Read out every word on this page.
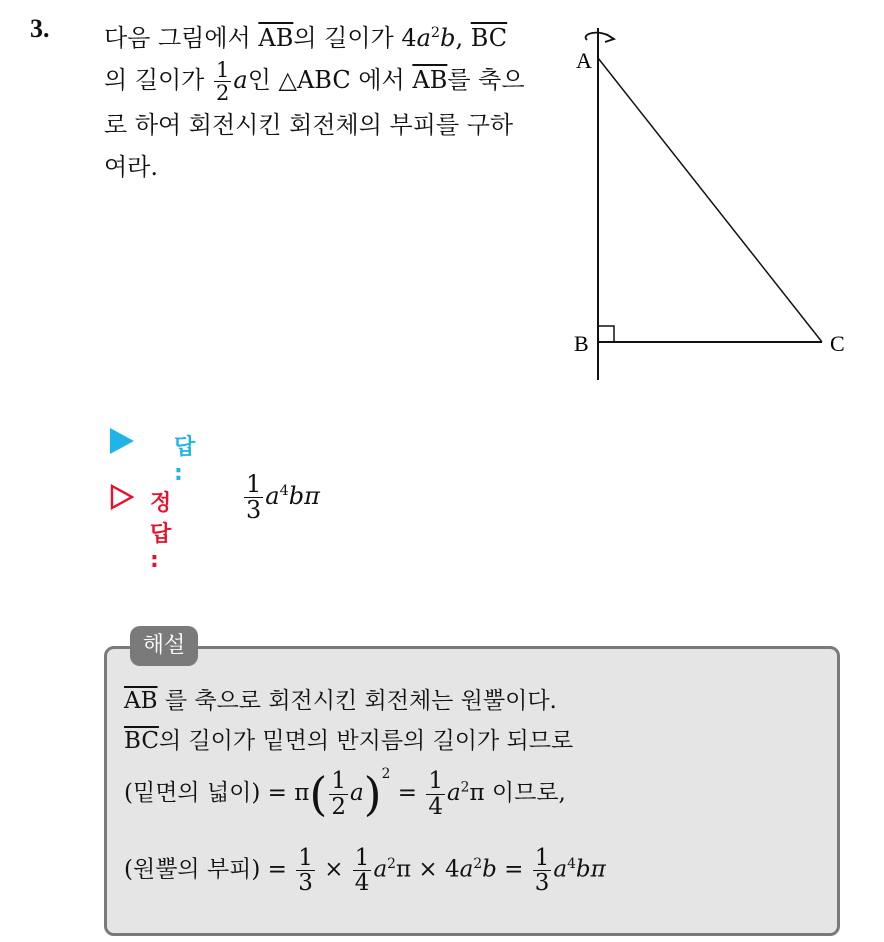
3. 다음 그림에서 $\overline{AB}$의 길이가 $4a^2b$, $\overline{BC}$
의 길이가 $\frac{1}{2}$ a인 △ABC 에서 $\overline{AB}$를 축으
로 하여 회전시킨 회전체의 부피를 구하
여라.
A
B	C
답 :
정답 :
$\frac{1}{3} a^4b\pi$
해설
$\overline{AB}$ 를 축으로 회전시킨 회전체는 원뿔이다.
$\overline{BC}$의 길이가 밑면의 반지름의 길이가 되므로
(밑면의 넓이) = $\pi( \frac{1}{2} a)^2 = \frac{1}{4} a^2\pi$ 이므로,
(원뿔의 부피) = $\frac{1}{3} \times \frac{1}{4} a^2\pi \times 4a^2b = \frac{1}{3} a^4b\pi$
